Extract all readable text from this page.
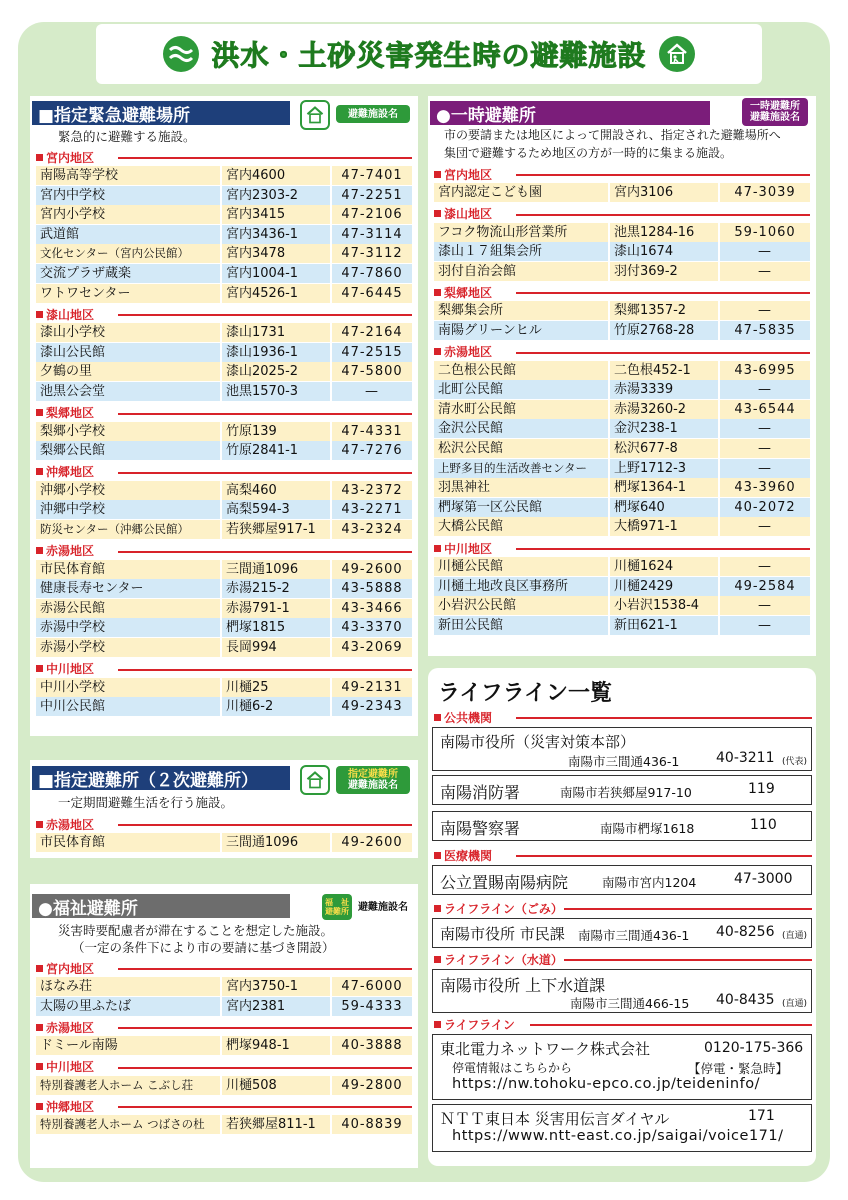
洪水・土砂災害発生時の避難施設
■指定緊急避難場所	避難施設名
緊急的に避難する施設。
宮内地区
南陽高等学校	宮内4600	47-7401
宮内中学校	宮内2303-2	47-2251
宮内小学校	宮内3415	47-2106
武道館	宮内3436-1	47-3114
文化センター（宮内公民館）	宮内3478	47-3112
交流プラザ蔵楽	宮内1004-1	47-7860
ワトワセンター	宮内4526-1	47-6445
漆山地区
漆山小学校	漆山1731	47-2164
漆山公民館	漆山1936-1	47-2515
夕鶴の里	漆山2025-2	47-5800
池黒公会堂	池黒1570-3	—
梨郷地区
梨郷小学校	竹原139	47-4331
梨郷公民館	竹原2841-1	47-7276
沖郷地区
沖郷小学校	高梨460	43-2372
沖郷中学校	高梨594-3	43-2271
防災センター（沖郷公民館）	若狭郷屋917-1	43-2324
赤湯地区
市民体育館	三間通1096	49-2600
健康長寿センター	赤湯215-2	43-5888
赤湯公民館	赤湯791-1	43-3466
赤湯中学校	椚塚1815	43-3370
赤湯小学校	長岡994	43-2069
中川地区
中川小学校	川樋25	49-2131
中川公民館	川樋6-2	49-2343
■指定避難所（２次避難所）	指定避難所
避難施設名
一定期間避難生活を行う施設。
赤湯地区
市民体育館	三間通1096	49-2600
●福祉避難所	福　祉
避難所 避難施設名
災害時要配慮者が滞在することを想定した施設。
（一定の条件下により市の要請に基づき開設）
宮内地区
ほなみ荘	宮内3750-1	47-6000
太陽の里ふたば	宮内2381	59-4333
赤湯地区
ドミール南陽	椚塚948-1	40-3888
中川地区
特別養護老人ホーム こぶし荘	川樋508	49-2800
沖郷地区
特別養護老人ホーム つばさの杜	若狭郷屋811-1	40-8839
●一時避難所	一時避難所
避難施設名
市の要請または地区によって開設され、指定された避難場所へ
集団で避難するため地区の方が一時的に集まる施設。
宮内地区
宮内認定こども園	宮内3106	47-3039
漆山地区
フコク物流山形営業所	池黒1284-16	59-1060
漆山１７組集会所	漆山1674	—
羽付自治会館	羽付369-2	—
梨郷地区
梨郷集会所	梨郷1357-2	—
南陽グリーンヒル	竹原2768-28	47-5835
赤湯地区
二色根公民館	二色根452-1	43-6995
北町公民館	赤湯3339	—
清水町公民館	赤湯3260-2	43-6544
金沢公民館	金沢238-1	—
松沢公民館	松沢677-8	—
上野多目的生活改善センター	上野1712-3	—
羽黒神社	椚塚1364-1	43-3960
椚塚第一区公民館	椚塚640	40-2072
大橋公民館	大橋971-1	—
中川地区
川樋公民館	川樋1624	—
川樋土地改良区事務所	川樋2429	49-2584
小岩沢公民館	小岩沢1538-4	—
新田公民館	新田621-1	—
ライフライン一覧
公共機関
南陽市役所（災害対策本部）
南陽市三間通436-1	40-3211 (代表)
南陽消防署	南陽市若狭郷屋917-10	119
南陽警察署	南陽市椚塚1618	110
医療機関
公立置賜南陽病院	南陽市宮内1204	47-3000
ライフライン（ごみ）
南陽市役所 市民課 南陽市三間通436-1 40-8256 (直通)
ライフライン（水道）
南陽市役所 上下水道課
南陽市三間通466-15 40-8435 (直通)
ライフライン
東北電力ネットワーク株式会社	0120-175-366
停電情報はこちらから	【停電・緊急時】
https://nw.tohoku-epco.co.jp/teideninfo/
ＮＴＴ東日本 災害用伝言ダイヤル	171
https://www.ntt-east.co.jp/saigai/voice171/
